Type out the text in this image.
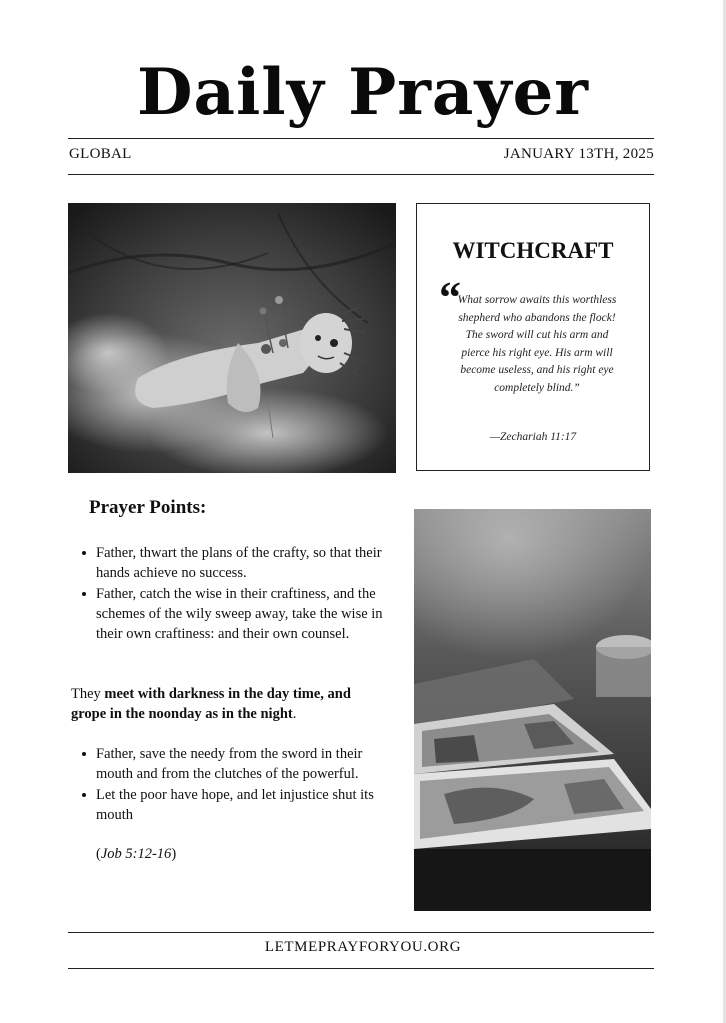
Daily Prayer
GLOBAL	JANUARY 13TH, 2025
WITCHCRAFT
“
What sorrow awaits this worthless shepherd who abandons the flock! The sword will cut his arm and pierce his right eye. His arm will become useless, and his right eye completely blind.”
—Zechariah 11:17
Prayer Points:
Father, thwart the plans of the crafty, so that their hands achieve no success.
Father, catch the wise in their craftiness, and the schemes of the wily sweep away, take the wise in their own craftiness: and their own counsel.
They meet with darkness in the day time, and grope in the noonday as in the night.
Father, save the needy from the sword in their mouth and from the clutches of the powerful.
Let the poor have hope, and let injustice shut its mouth
(Job 5:12-16)
LETMEPRAYFORYOU.ORG
